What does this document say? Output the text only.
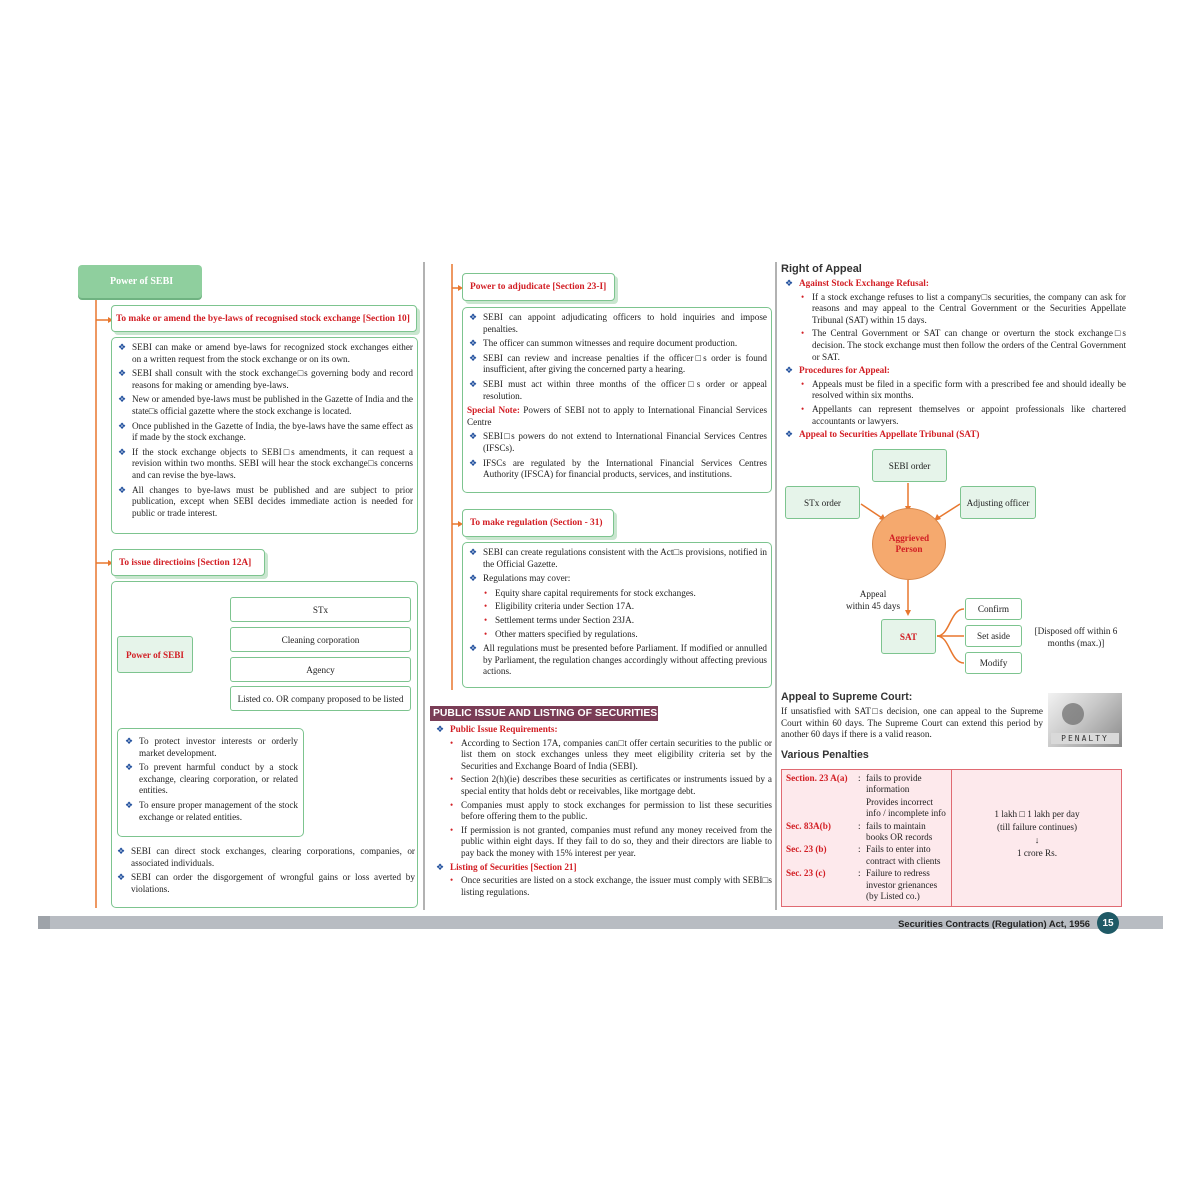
Power of SEBI
To make or amend the bye-laws of recognised stock exchange [Section 10]
❖ SEBI can make or amend bye-laws for recognized stock exchanges either on a written request from the stock exchange or on its own.
❖ SEBI shall consult with the stock exchange□s governing body and record reasons for making or amending bye-laws.
❖ New or amended bye-laws must be published in the Gazette of India and the state□s official gazette where the stock exchange is located.
❖ Once published in the Gazette of India, the bye-laws have the same effect as if made by the stock exchange.
❖ If the stock exchange objects to SEBI□s amendments, it can request a revision within two months. SEBI will hear the stock exchange□s concerns and can revise the bye-laws.
❖ All changes to bye-laws must be published and are subject to prior publication, except when SEBI decides immediate action is needed for public or trade interest.
To issue directioins [Section 12A]
Power of SEBI
STx
Cleaning corporation
Agency
Listed co. OR company proposed to be listed
❖ To protect investor interests or orderly market development.
❖ To prevent harmful conduct by a stock exchange, clearing corporation, or related entities.
❖ To ensure proper management of the stock exchange or related entities.
❖ SEBI can direct stock exchanges, clearing corporations, companies, or associated individuals.
❖ SEBI can order the disgorgement of wrongful gains or loss averted by violations.
Power to adjudicate [Section 23-I]
❖ SEBI can appoint adjudicating officers to hold inquiries and impose penalties.
❖ The officer can summon witnesses and require document production.
❖ SEBI can review and increase penalties if the officer□s order is found insufficient, after giving the concerned party a hearing.
❖ SEBI must act within three months of the officer□s order or appeal resolution.
Special Note: Powers of SEBI not to apply to International Financial Services Centre
❖ SEBI□s powers do not extend to International Financial Services Centres (IFSCs).
❖ IFSCs are regulated by the International Financial Services Centres Authority (IFSCA) for financial products, services, and institutions.
To make regulation (Section - 31)
❖ SEBI can create regulations consistent with the Act□s provisions, notified in the Official Gazette.
❖ Regulations may cover:
• Equity share capital requirements for stock exchanges.
• Eligibility criteria under Section 17A.
• Settlement terms under Section 23JA.
• Other matters specified by regulations.
❖ All regulations must be presented before Parliament. If modified or annulled by Parliament, the regulation changes accordingly without affecting previous actions.
PUBLIC ISSUE AND LISTING OF SECURITIES
❖ Public Issue Requirements:
• According to Section 17A, companies can□t offer certain securities to the public or list them on stock exchanges unless they meet eligibility criteria set by the Securities and Exchange Board of India (SEBI).
• Section 2(h)(ie) describes these securities as certificates or instruments issued by a special entity that holds debt or receivables, like mortgage debt.
• Companies must apply to stock exchanges for permission to list these securities before offering them to the public.
• If permission is not granted, companies must refund any money received from the public within eight days. If they fail to do so, they and their directors are liable to pay back the money with 15% interest per year.
❖ Listing of Securities [Section 21]
• Once securities are listed on a stock exchange, the issuer must comply with SEBI□s listing regulations.
Right of Appeal
❖ Against Stock Exchange Refusal:
• If a stock exchange refuses to list a company□s securities, the company can ask for reasons and may appeal to the Central Government or the Securities Appellate Tribunal (SAT) within 15 days.
• The Central Government or SAT can change or overturn the stock exchange□s decision. The stock exchange must then follow the orders of the Central Government or SAT.
❖ Procedures for Appeal:
• Appeals must be filed in a specific form with a prescribed fee and should ideally be resolved within six months.
• Appellants can represent themselves or appoint professionals like chartered accountants or lawyers.
❖ Appeal to Securities Appellate Tribunal (SAT)
SEBI order
STx order	Adjusting officer
Aggrieved
Person
Appeal
within 45 days
SAT
Confirm
Set aside
Modify
[Disposed off within 6
months (max.)]
Appeal to Supreme Court:
If unsatisfied with SAT□s decision, one can appeal to the Supreme Court within 60 days. The Supreme Court can extend this period by another 60 days if there is a valid reason.	PENALTY
Various Penalties
Section. 23 A(a)	: fails to provide information
Provides incorrect info / incomplete info
Sec. 83A(b)	: fails to maintain books OR records
Sec. 23 (b)	: Fails to enter into contract with clients
Sec. 23 (c)	: Failure to redress investor grienances (by Listed co.)
1 lakh □ 1 lakh per day
(till failure continues)
↓
1 crore Rs.
Securities Contracts (Regulation) Act, 1956	15
